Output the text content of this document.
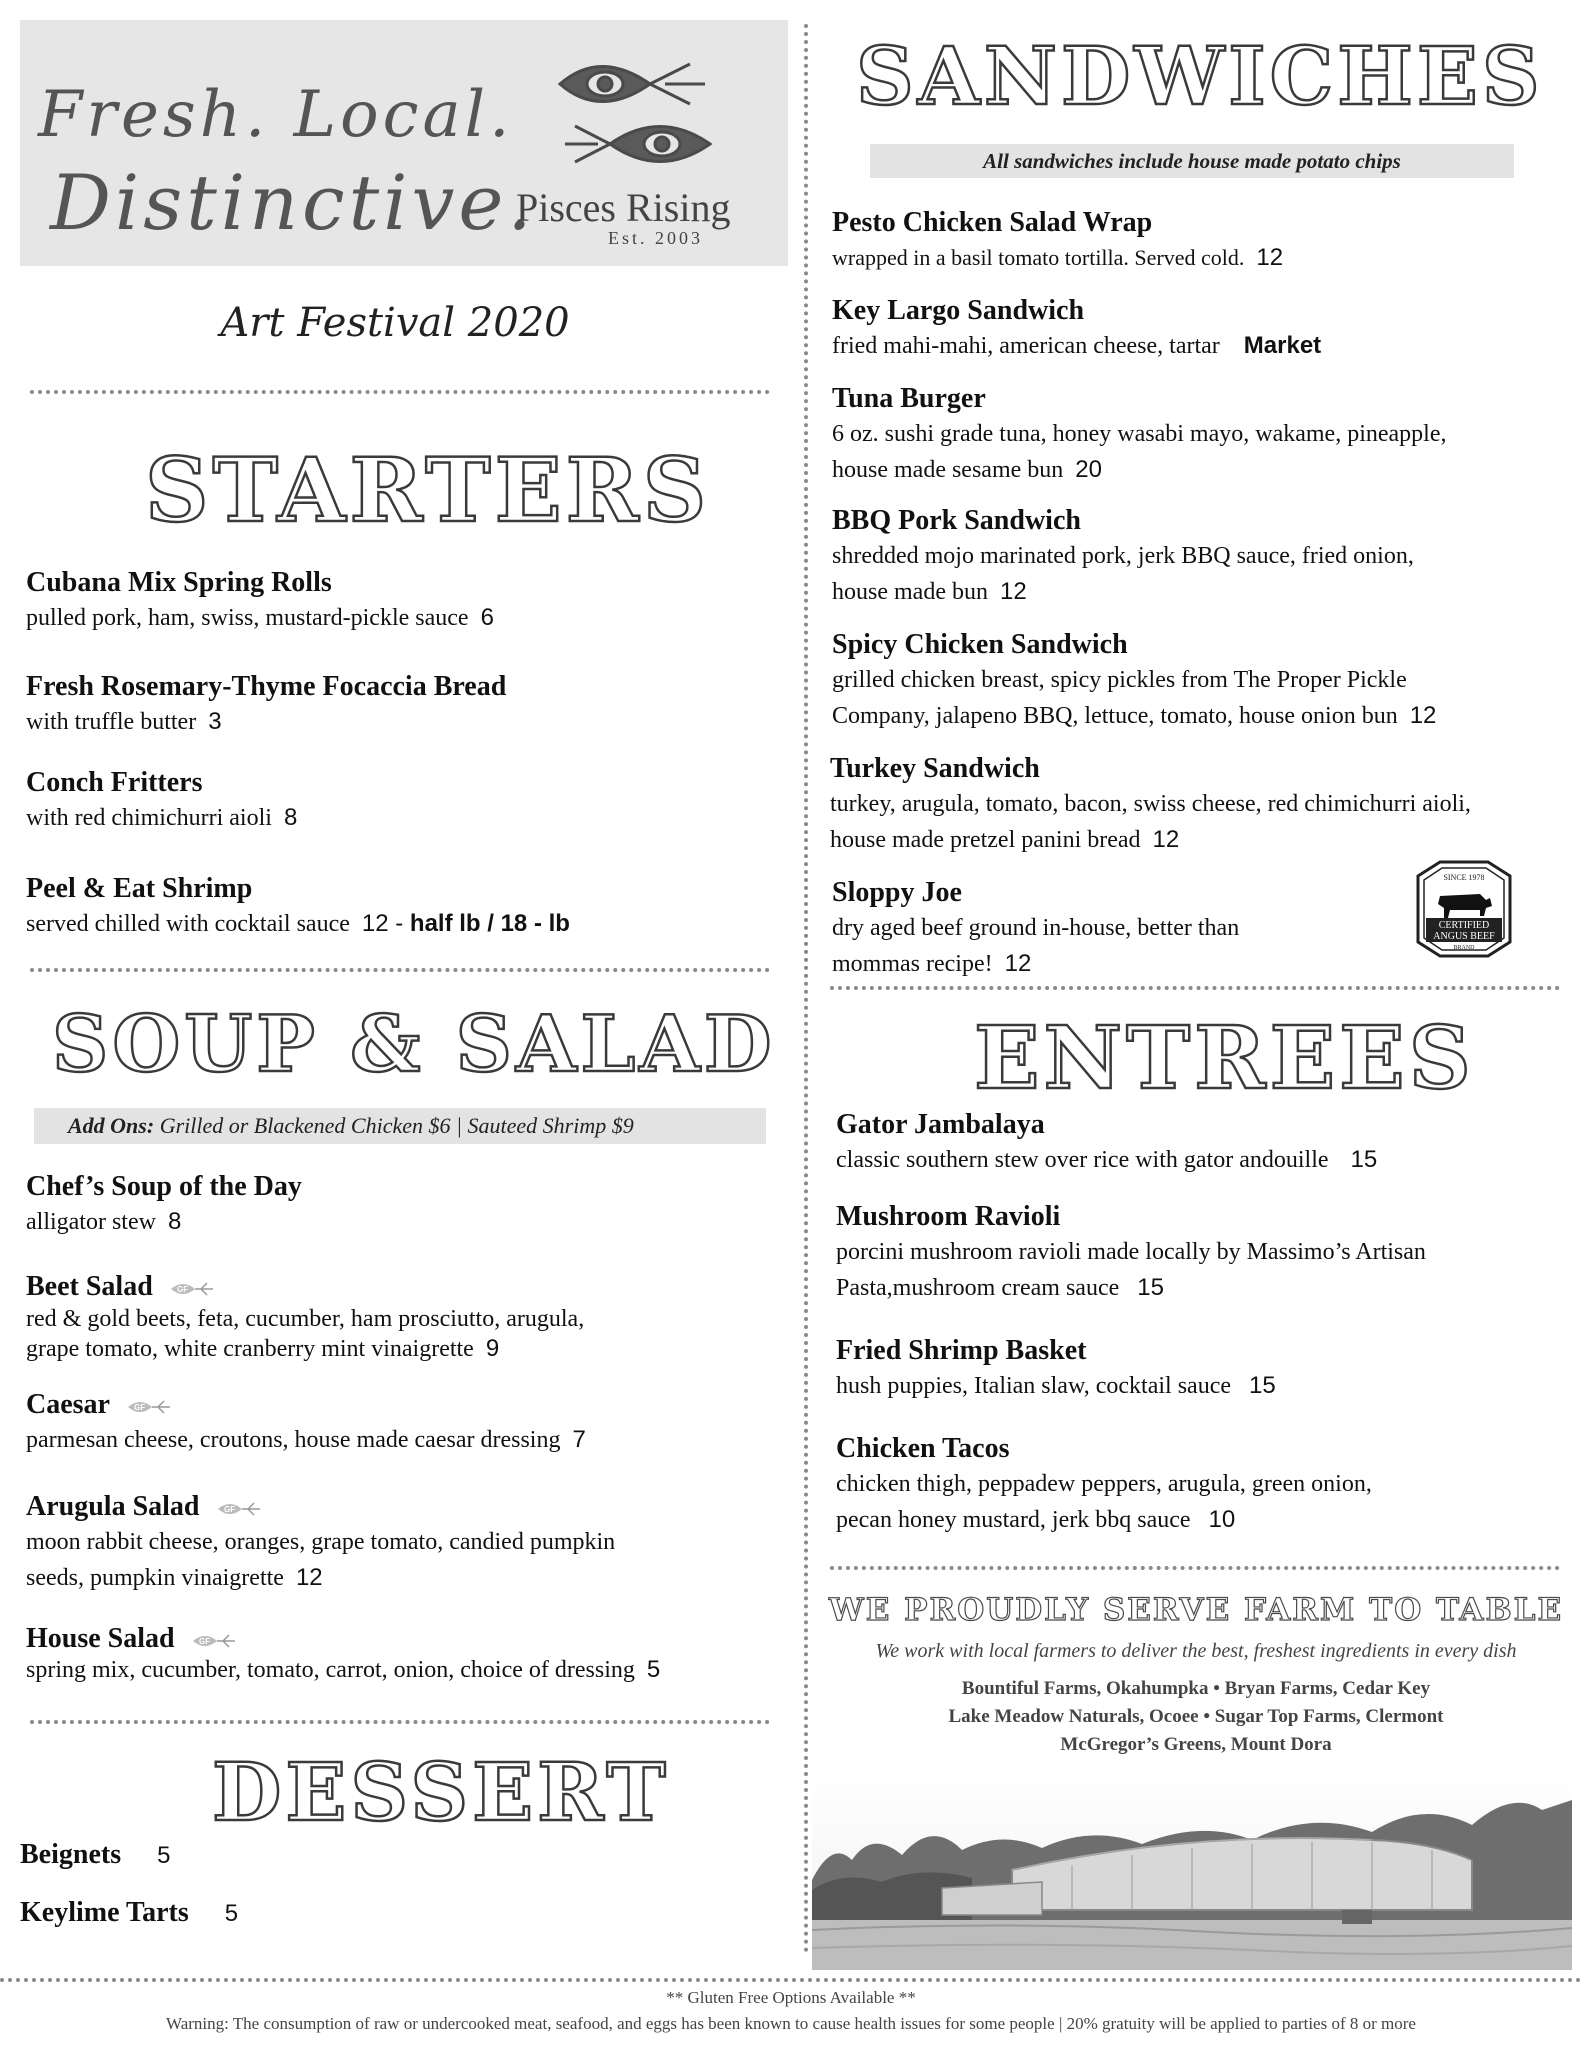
Fresh. Local.
Distinctive.
Pisces Rising
Est. 2003
Art Festival 2020
STARTERS
Cubana Mix Spring Rolls
pulled pork, ham, swiss, mustard-pickle sauce 6
Fresh Rosemary-Thyme Focaccia Bread
with truffle butter 3
Conch Fritters
with red chimichurri aioli 8
Peel & Eat Shrimp
served chilled with cocktail sauce 12 - half lb / 18 - lb
SOUP & SALAD
Add Ons:
Grilled or Blackened Chicken $6 | Sauteed Shrimp $9
Chef’s Soup of the Day
alligator stew 8
Beet Salad	GF
red & gold beets, feta, cucumber, ham prosciutto, arugula,
grape tomato, white cranberry mint vinaigrette 9
Caesar	GF
parmesan cheese, croutons, house made caesar dressing 7
Arugula Salad	GF
moon rabbit cheese, oranges, grape tomato, candied pumpkin
seeds, pumpkin vinaigrette 12
House Salad	GF
spring mix, cucumber, tomato, carrot, onion, choice of dressing 5
DESSERT
Beignets 5
Keylime Tarts 5
SANDWICHES
All sandwiches include house made potato chips
Pesto Chicken Salad Wrap
wrapped in a basil tomato tortilla. Served cold. 12
Key Largo Sandwich
fried mahi-mahi, american cheese, tartar Market
Tuna Burger
6 oz. sushi grade tuna, honey wasabi mayo, wakame, pineapple,
house made sesame bun 20
BBQ Pork Sandwich
shredded mojo marinated pork, jerk BBQ sauce, fried onion,
house made bun 12
Spicy Chicken Sandwich
grilled chicken breast, spicy pickles from The Proper Pickle
Company, jalapeno BBQ, lettuce, tomato, house onion bun 12
Turkey Sandwich
turkey, arugula, tomato, bacon, swiss cheese, red chimichurri aioli,
house made pretzel panini bread 12
Sloppy Joe
dry aged beef ground in-house, better than
mommas recipe! 12
SINCE 1978
CERTIFIED
ANGUS BEEF
BRAND
ENTREES
Gator Jambalaya
classic southern stew over rice with gator andouille 15
Mushroom Ravioli
porcini mushroom ravioli made locally by Massimo’s Artisan
Pasta,mushroom cream sauce 15
Fried Shrimp Basket
hush puppies, Italian slaw, cocktail sauce 15
Chicken Tacos
chicken thigh, peppadew peppers, arugula, green onion,
pecan honey mustard, jerk bbq sauce 10
WE PROUDLY SERVE FARM TO TABLE
We work with local farmers to deliver the best, freshest ingredients in every dish
Bountiful Farms, Okahumpka • Bryan Farms, Cedar Key
Lake Meadow Naturals, Ocoee • Sugar Top Farms, Clermont
McGregor’s Greens, Mount Dora
** Gluten Free Options Available **
Warning: The consumption of raw or undercooked meat, seafood, and eggs has been known to cause health issues for some people | 20% gratuity will be applied to parties of 8 or more
